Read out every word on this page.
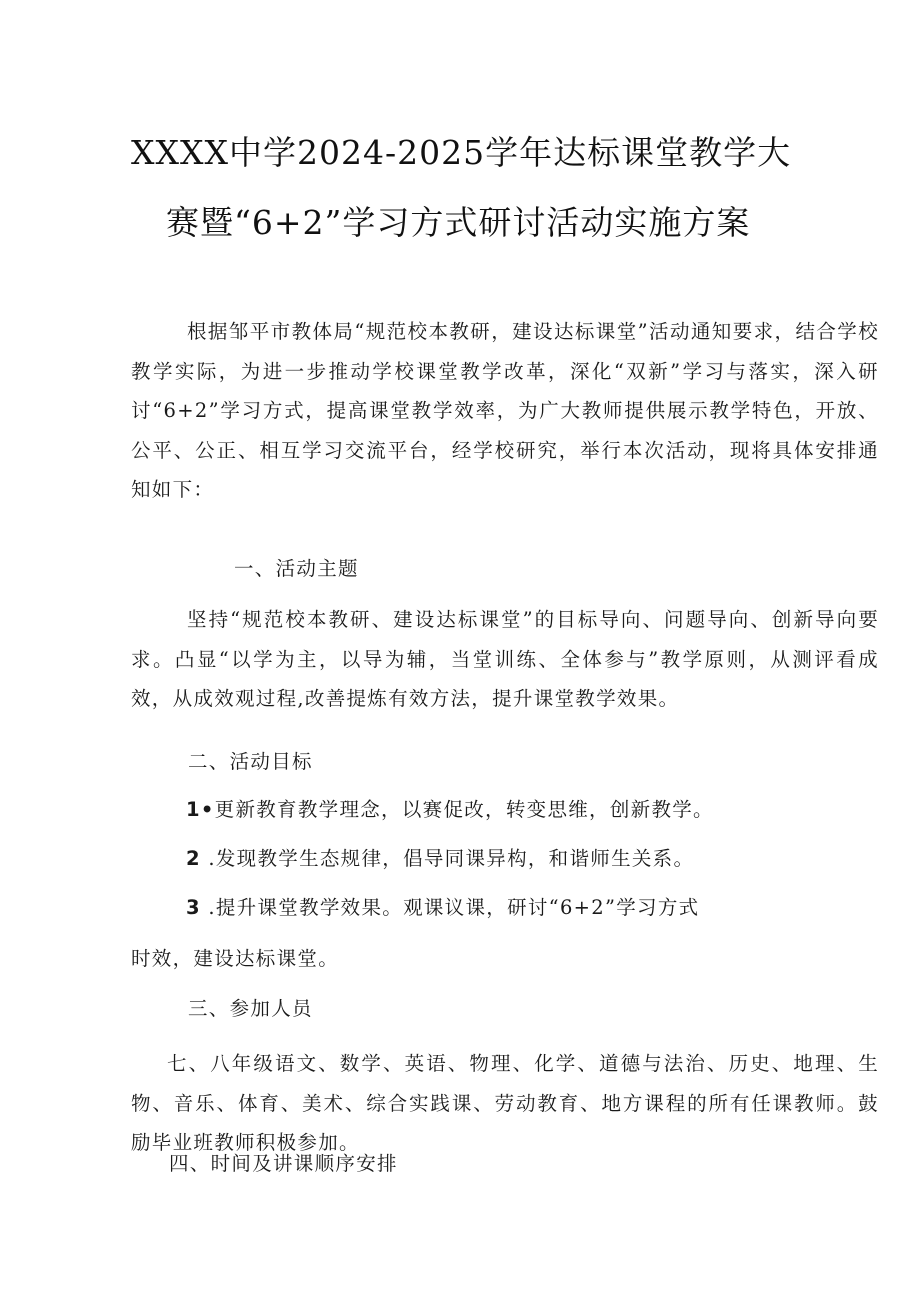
XXXX中学2024-2025学年达标课堂教学大
赛暨“6+2”学习方式研讨活动实施方案
根据邹平市教体局“规范校本教研，建设达标课堂”活动通知要求，结合学校教学实际，为进一步推动学校课堂教学改革，深化“双新”学习与落实，深入研讨“6+2”学习方式，提高课堂教学效率，为广大教师提供展示教学特色，开放、公平、公正、相互学习交流平台，经学校研究，举行本次活动，现将具体安排通知如下：
一、活动主题
坚持“规范校本教研、建设达标课堂”的目标导向、问题导向、创新导向要求。凸显“以学为主，以导为辅，当堂训练、全体参与”教学原则，从测评看成效，从成效观过程,改善提炼有效方法，提升课堂教学效果。
二、活动目标
1•更新教育教学理念，以赛促改，转变思维，创新教学。
2 .发现教学生态规律，倡导同课异构，和谐师生关系。
3 .提升课堂教学效果。观课议课，研讨“6+2”学习方式
时效，建设达标课堂。
三、参加人员
七、八年级语文、数学、英语、物理、化学、道德与法治、历史、地理、生物、音乐、体育、美术、综合实践课、劳动教育、地方课程的所有任课教师。鼓励毕业班教师积极参加。
四、时间及讲课顺序安排
